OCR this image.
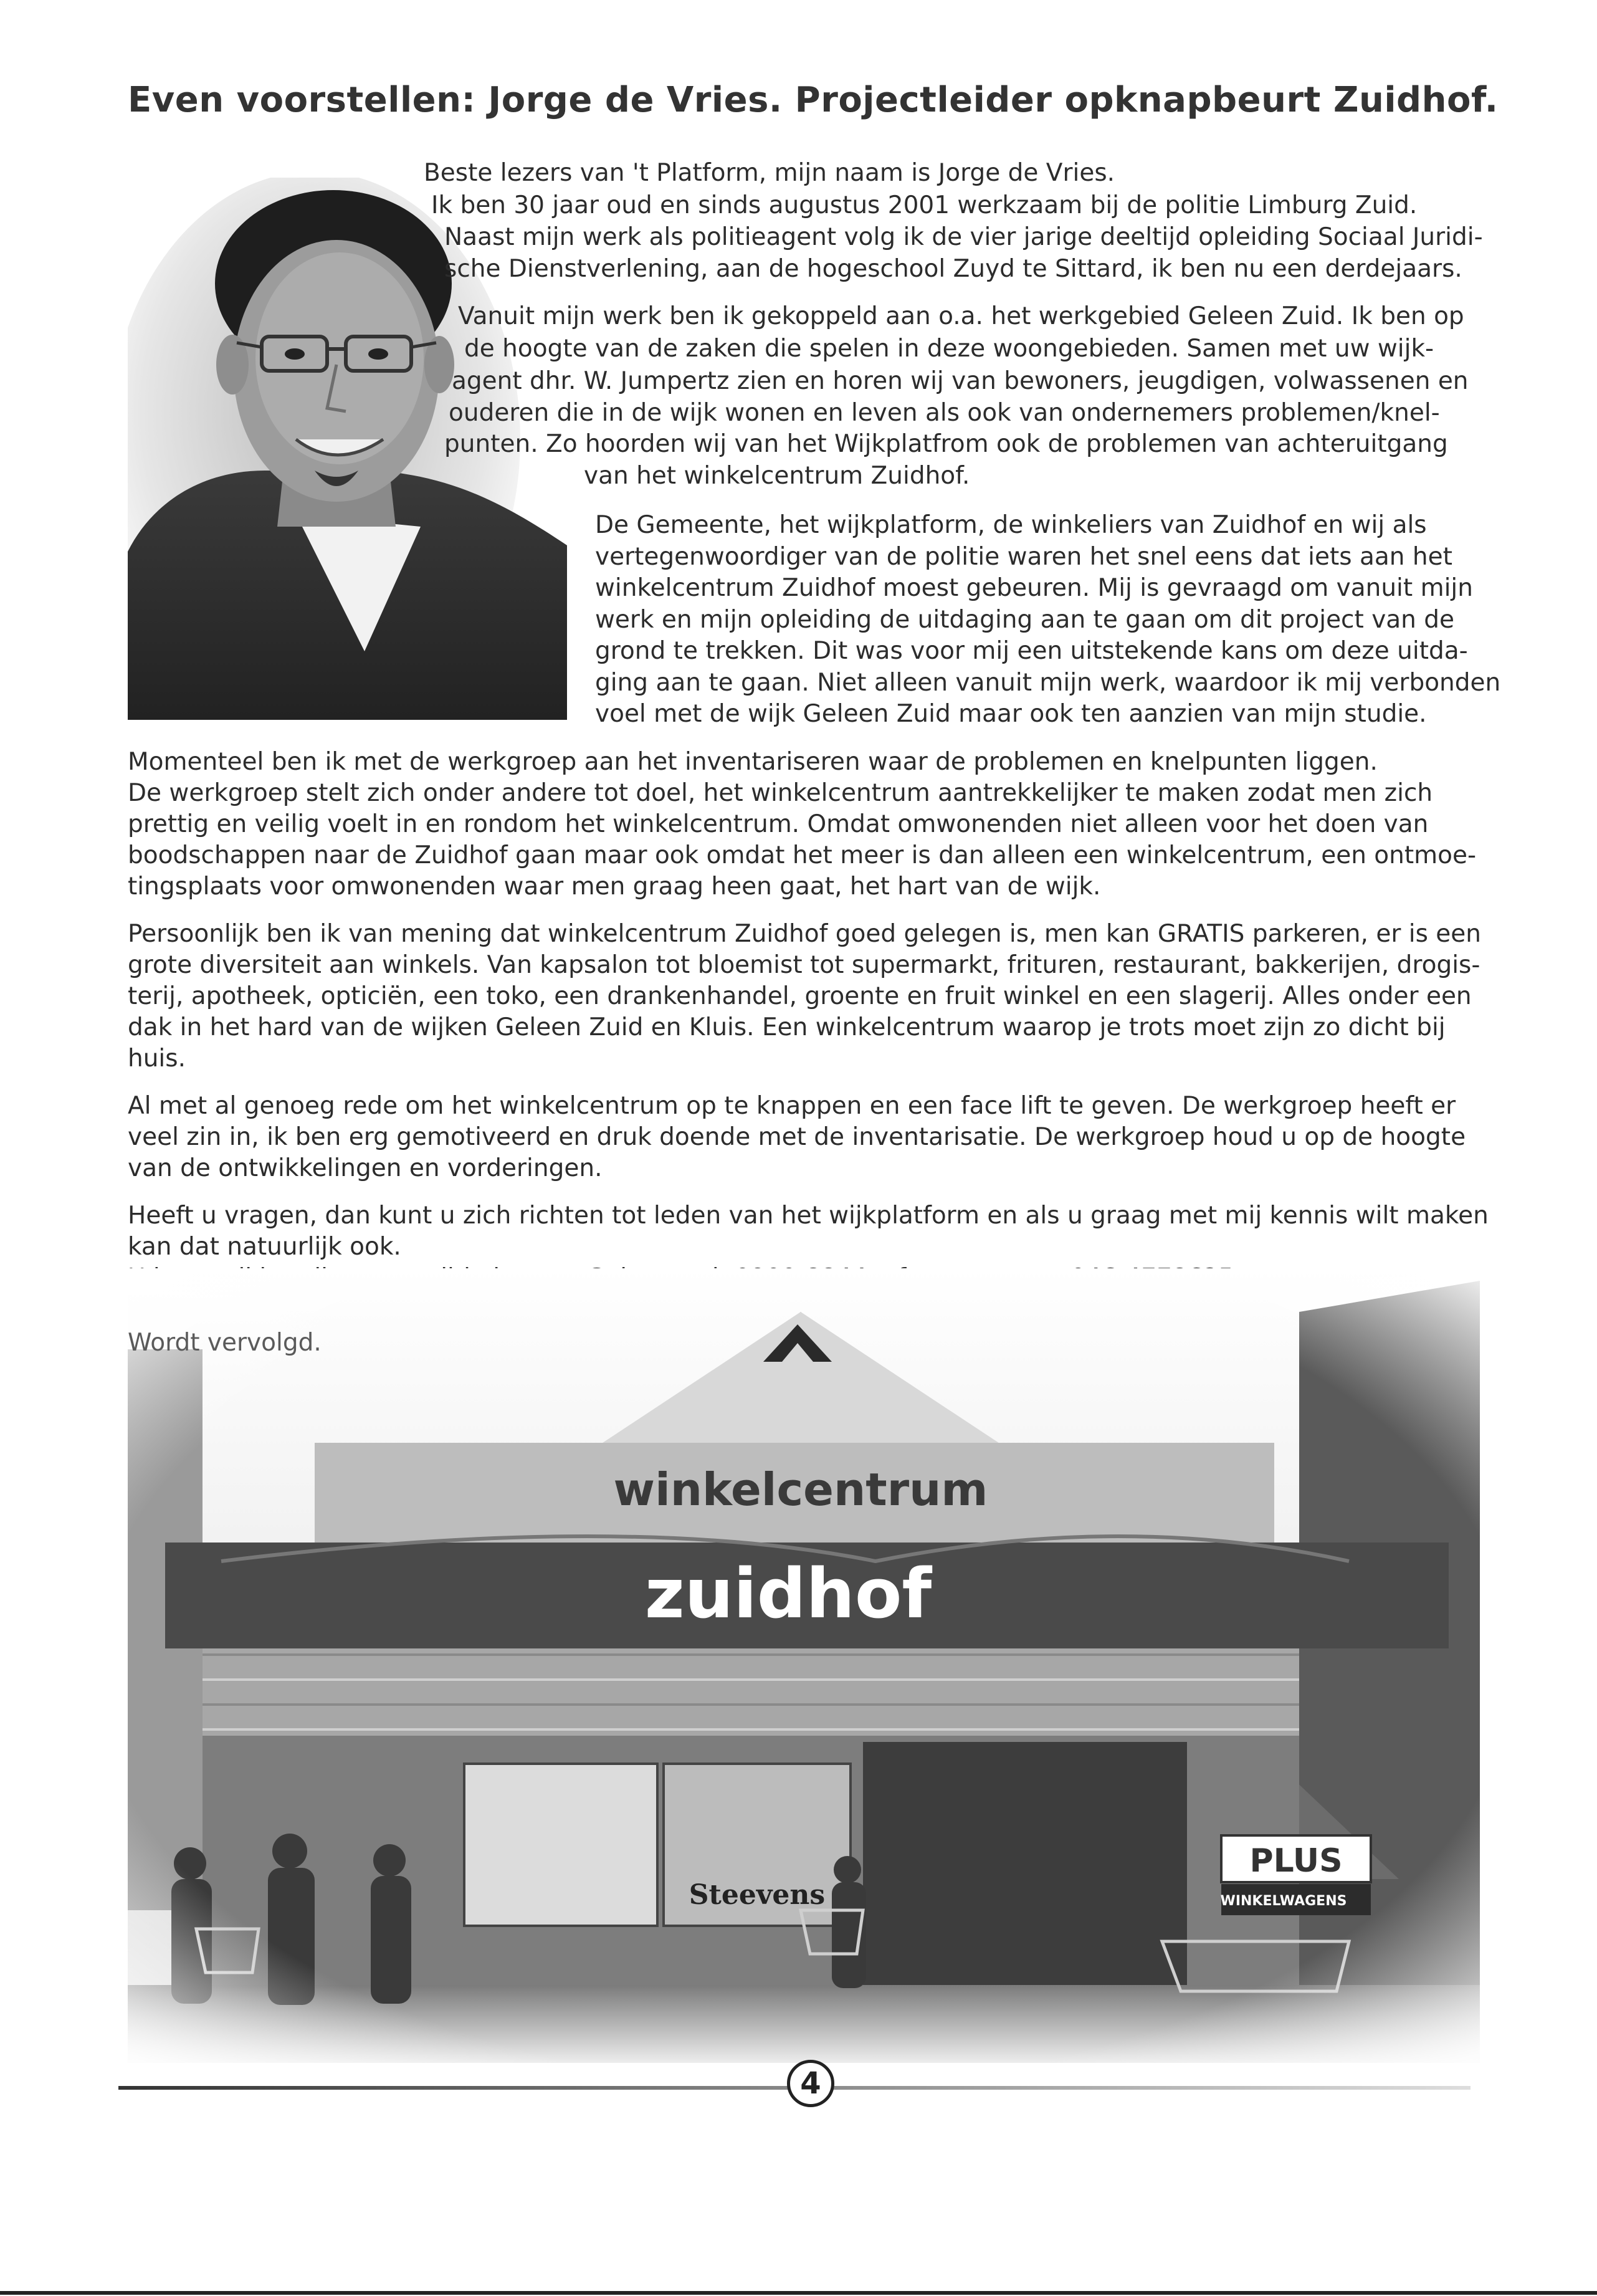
Even voorstellen: Jorge de Vries. Projectleider opknapbeurt Zuidhof.

Beste lezers van 't Platform, mijn naam is Jorge de Vries.

Ik ben 30 jaar oud en sinds augustus 2001 werkzaam bij de politie Limburg Zuid.

Naast mijn werk als politieagent volg ik de vier jarige deeltijd opleiding Sociaal Juridi-

sche Dienstverlening, aan de hogeschool Zuyd te Sittard, ik ben nu een derdejaars.

Vanuit mijn werk ben ik gekoppeld aan o.a. het werkgebied Geleen Zuid. Ik ben op

de hoogte van de zaken die spelen in deze woongebieden. Samen met uw wijk-

agent dhr. W. Jumpertz zien en horen wij van bewoners, jeugdigen, volwassenen en

ouderen die in de wijk wonen en leven als ook van ondernemers problemen/knel-

punten. Zo hoorden wij van het Wijkplatfrom ook de problemen van achteruitgang

van het winkelcentrum Zuidhof.

De Gemeente, het wijkplatform, de winkeliers van Zuidhof en wij als

vertegenwoordiger van de politie waren het snel eens dat iets aan het

winkelcentrum Zuidhof moest gebeuren. Mij is gevraagd om vanuit mijn

werk en mijn opleiding de uitdaging aan te gaan om dit project van de

grond te trekken. Dit was voor mij een uitstekende kans om deze uitda-

ging aan te gaan. Niet alleen vanuit mijn werk, waardoor ik mij verbonden

voel met de wijk Geleen Zuid maar ook ten aanzien van mijn studie.

Momenteel ben ik met de werkgroep aan het inventariseren waar de problemen en knelpunten liggen.

De werkgroep stelt zich onder andere tot doel, het winkelcentrum aantrekkelijker te maken zodat men zich

prettig en veilig voelt in en rondom het winkelcentrum. Omdat omwonenden niet alleen voor het doen van

boodschappen naar de Zuidhof gaan maar ook omdat het meer is dan alleen een winkelcentrum, een ontmoe-

tingsplaats voor omwonenden waar men graag heen gaat, het hart van de wijk.

Persoonlijk ben ik van mening dat winkelcentrum Zuidhof goed gelegen is, men kan GRATIS parkeren, er is een

grote diversiteit aan winkels. Van kapsalon tot bloemist tot supermarkt, frituren, restaurant, bakkerijen, drogis-

terij, apotheek, opticiën, een toko, een drankenhandel, groente en fruit winkel en een slagerij. Alles onder een

dak in het hard van de wijken Geleen Zuid en Kluis. Een winkelcentrum waarop je trots moet zijn zo dicht bij

huis.

Al met al genoeg rede om het winkelcentrum op te knappen en een face lift te geven. De werkgroep heeft er

veel zin in, ik ben erg gemotiveerd en druk doende met de inventarisatie. De werkgroep houd u op de hoogte

van de ontwikkelingen en vorderingen.

Heeft u vragen, dan kunt u zich richten tot leden van het wijkplatform en als u graag met mij kennis wilt maken

kan dat natuurlijk ook.

Wordt vervolgd.
4
